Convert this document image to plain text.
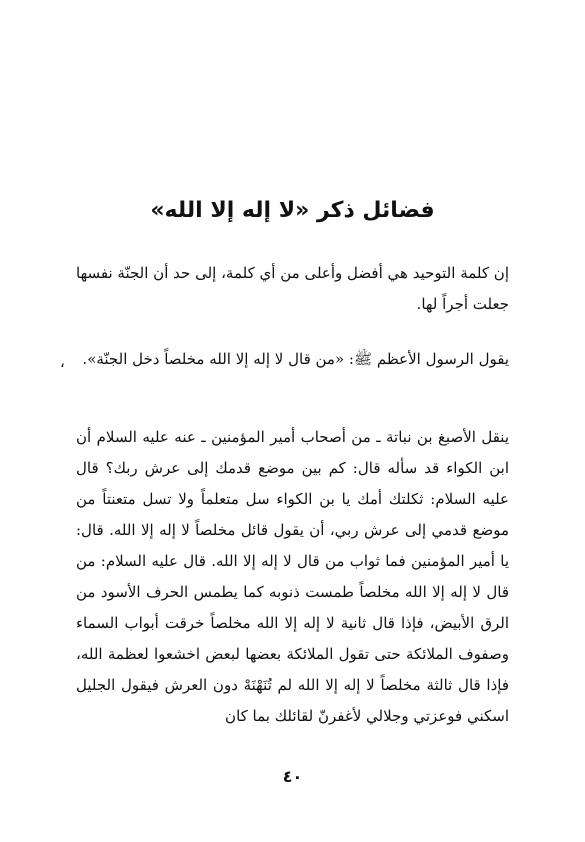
فضائل ذكر «لا إله إلا الله»

إن كلمة التوحيد هي أفضل وأعلى من أي كلمة، إلى حد أن الجنّة نفسها جعلت أجراً لها.

،	يقول الرسول الأعظم ﷺ: «من قال لا إله إلا الله مخلصاً دخل الجنّة».

ينقل الأصبغ بن نباتة ـ من أصحاب أمير المؤمنين ـ عنه عليه السلام أن ابن الكواء قد سأله قال: كم بين موضع قدمك إلى عرش ربك؟ قال عليه السلام: ثكلتك أمك يا بن الكواء سل متعلماً ولا تسل متعنتاً من موضع قدمي إلى عرش ربي، أن يقول قائل مخلصاً لا إله إلا الله. قال: يا أمير المؤمنين فما ثواب من قال لا إله إلا الله. قال عليه السلام: من قال لا إله إلا الله مخلصاً طمست ذنوبه كما يطمس الحرف الأسود من الرق الأبيض، فإذا قال ثانية لا إله إلا الله مخلصاً خرقت أبواب السماء وصفوف الملائكة حتى تقول الملائكة بعضها لبعض اخشعوا لعظمة الله، فإذا قال ثالثة مخلصاً لا إله إلا الله لم تُنَهْنَهْ دون العرش فيقول الجليل اسكني فوعزتي وجلالي لأغفرنّ لقائلك بما كان

٤٠
